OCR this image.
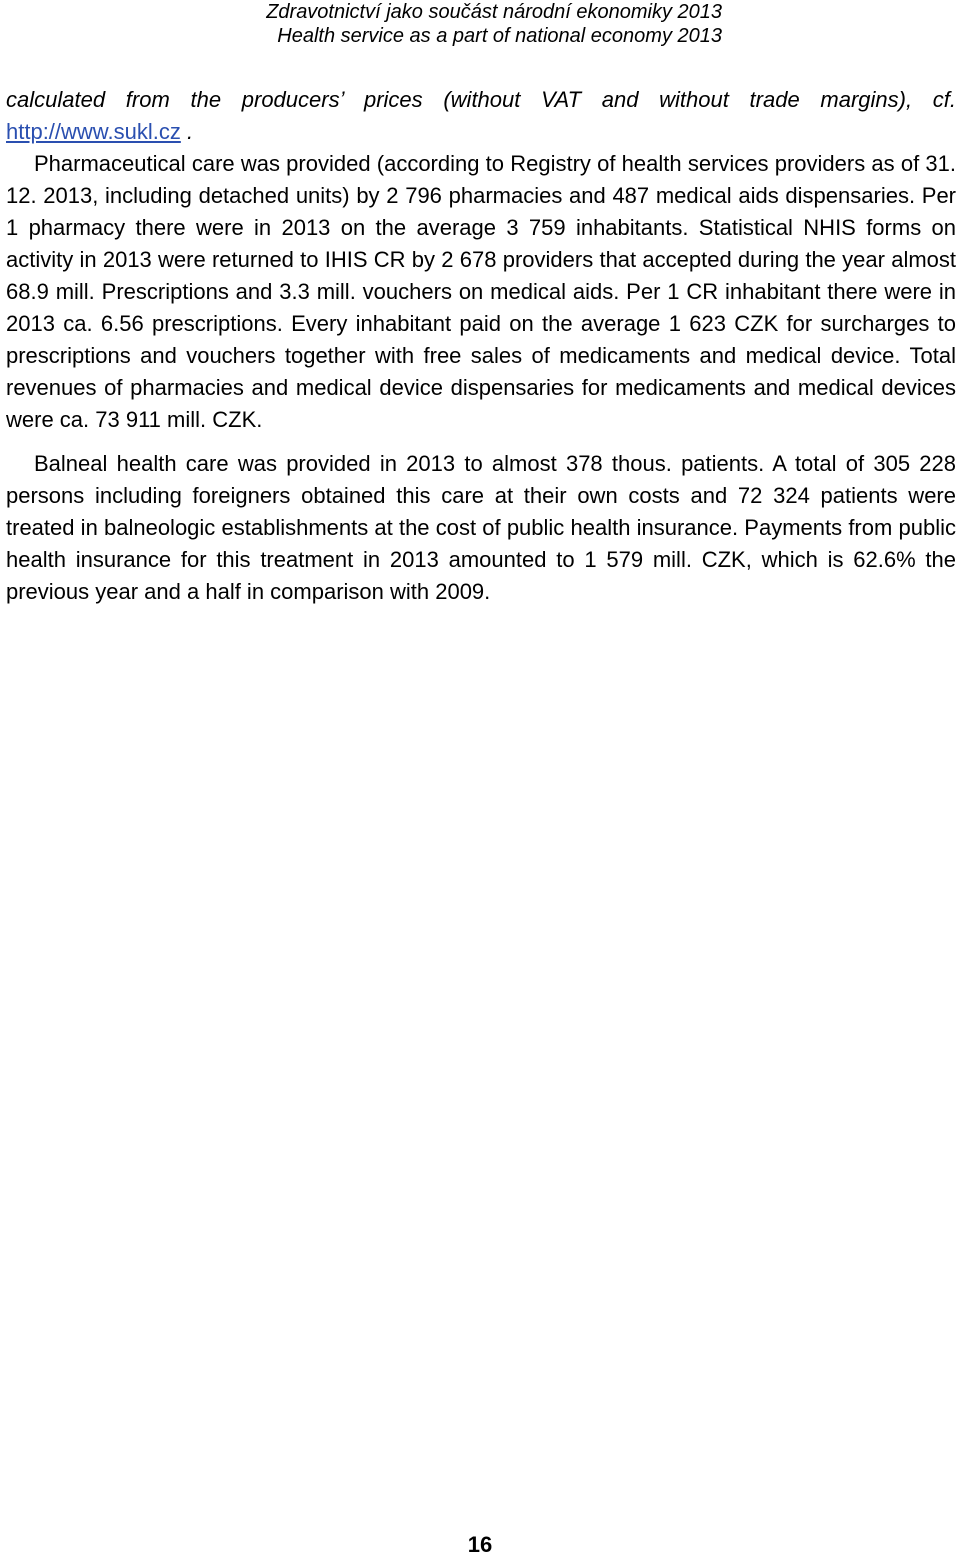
Zdravotnictví jako součást národní ekonomiky 2013
Health service as a part of national economy 2013

calculated from the producers’ prices (without VAT and without trade margins), cf. http://www.sukl.cz .

Pharmaceutical care was provided (according to Registry of health services providers as of 31. 12. 2013, including detached units) by 2 796 pharmacies and 487 medical aids dispensaries. Per 1 pharmacy there were in 2013 on the average 3 759 inhabitants. Statistical NHIS forms on activity in 2013 were returned to IHIS CR by 2 678 providers that accepted during the year almost 68.9 mill. Prescriptions and 3.3 mill. vouchers on medical aids. Per 1 CR inhabitant there were in 2013 ca. 6.56 prescriptions. Every inhabitant paid on the average 1 623 CZK for surcharges to prescriptions and vouchers together with free sales of medicaments and medical device. Total revenues of pharmacies and medical device dispensaries for medicaments and medical devices were ca. 73 911 mill. CZK.

Balneal health care was provided in 2013 to almost 378 thous. patients. A total of 305 228 persons including foreigners obtained this care at their own costs and 72 324 patients were treated in balneologic establishments at the cost of public health insurance. Payments from public health insurance for this treatment in 2013 amounted to 1 579 mill. CZK, which is 62.6% the previous year and a half in comparison with 2009.

16
